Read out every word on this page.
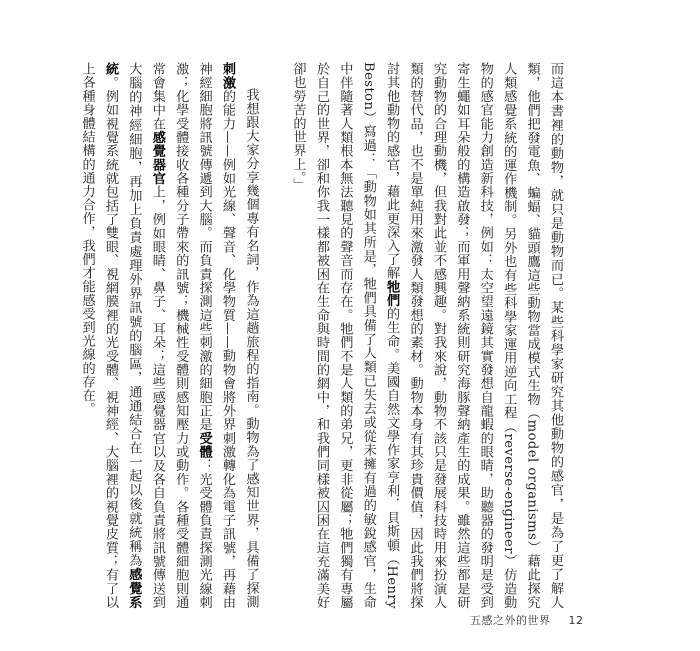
而這本書裡的動物，就只是動物而已。某些科學家研究其他動物的感官，是為了更了解人類，他們把發電魚、蝙蝠、貓頭鷹這些動物當成模式生物（model organisms）藉此探究人類感覺系統的運作機制。另外也有些科學家運用逆向工程（reverse-engineer）仿造動物的感官能力創造新科技，例如：太空望遠鏡其實發想自龍蝦的眼睛，助聽器的發明是受到寄生蠅如耳朵般的構造啟發；而軍用聲納系統則研究海豚聲納產生的成果。雖然這些都是研究動物的合理動機，但我對此並不感興趣。對我來說，動物不該只是發展科技時用來扮演人類的替代品，也不是單純用來激發人類發想的素材。動物本身有其珍貴價值，因此我們將探討其他動物的感官，藉此更深入了解牠們的生命。美國自然文學作家亨利．貝斯頓（Henry Beston）寫過：「動物如其所是，牠們具備了人類已失去或從未擁有過的敏銳感官，生命中伴隨著人類根本無法聽見的聲音而存在。牠們不是人類的弟兄，更非從屬；牠們獨有專屬於自己的世界，卻和你我一樣都被困在生命與時間的網中，和我們同樣被囚困在這充滿美好卻也勞苦的世界上。」

我想跟大家分享幾個專有名詞，作為這趟旅程的指南。動物為了感知世界，具備了探測刺激的能力——例如光線、聲音、化學物質——動物會將外界刺激轉化為電子訊號，再藉由神經細胞將訊號傳遞到大腦。而負責探測這些刺激的細胞正是受體：光受體負責探測光線刺激；化學受體接收各種分子帶來的訊號；機械性受體則感知壓力或動作。各種受體細胞則通常會集中在感覺器官上，例如眼睛、鼻子、耳朵；這些感覺器官以及各自負責將訊號傳送到大腦的神經細胞，再加上負責處理外界訊號的腦區，通通結合在一起以後就統稱為感覺系統。例如視覺系統就包括了雙眼、視網膜裡的光受體、視神經、大腦裡的視覺皮質；有了以上各種身體結構的通力合作，我們才能感受到光線的存在。

五感之外的世界 12
